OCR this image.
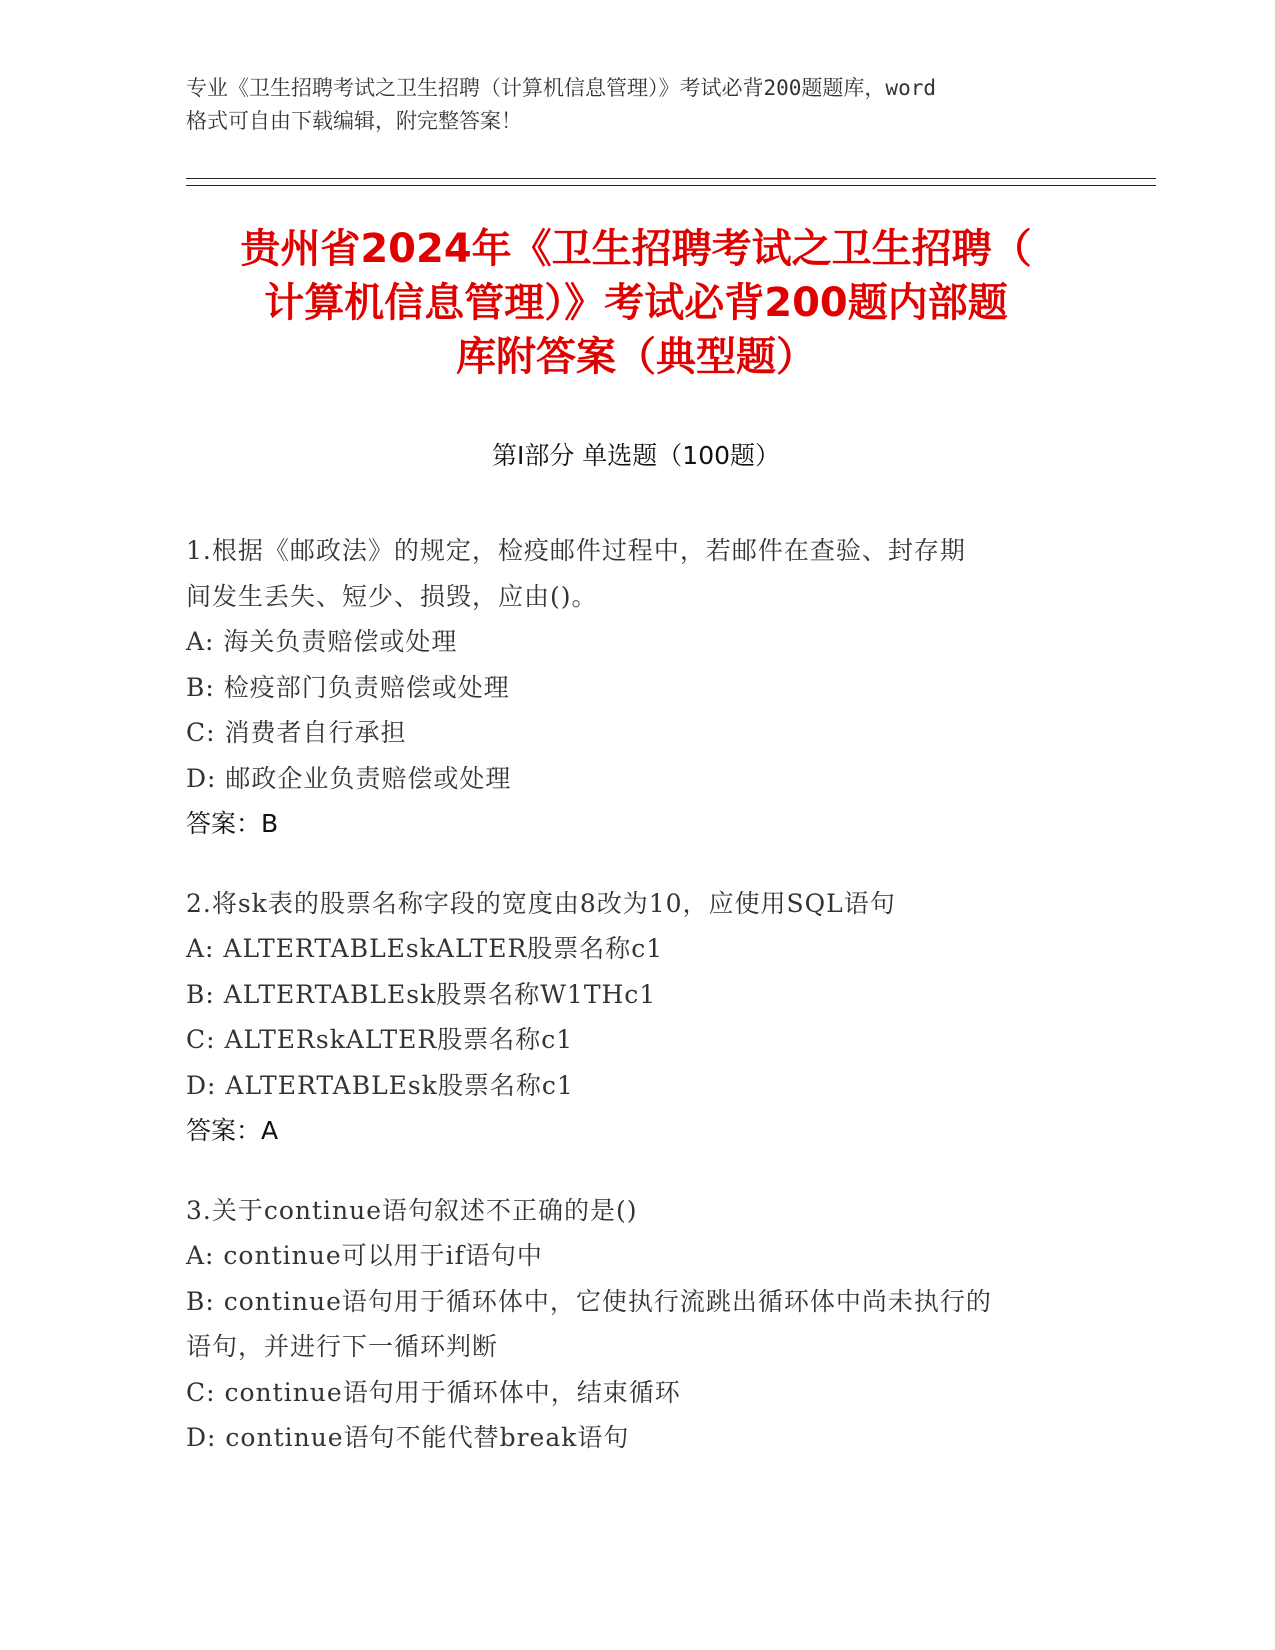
专业《卫生招聘考试之卫生招聘（计算机信息管理）》考试必背200题题库，word
格式可自由下载编辑，附完整答案！
贵州省2024年《卫生招聘考试之卫生招聘（
计算机信息管理）》考试必背200题内部题
库附答案（典型题）
第I部分 单选题（100题）
1.根据《邮政法》的规定，检疫邮件过程中，若邮件在查验、封存期
间发生丢失、短少、损毁，应由()。
A: 海关负责赔偿或处理
B: 检疫部门负责赔偿或处理
C: 消费者自行承担
D: 邮政企业负责赔偿或处理
答案：B
2.将sk表的股票名称字段的宽度由8改为10，应使用SQL语句
A: ALTERTABLEskALTER股票名称c1
B: ALTERTABLEsk股票名称W1THc1
C: ALTERskALTER股票名称c1
D: ALTERTABLEsk股票名称c1
答案：A
3.关于continue语句叙述不正确的是()
A: continue可以用于if语句中
B: continue语句用于循环体中，它使执行流跳出循环体中尚未执行的
语句，并进行下一循环判断
C: continue语句用于循环体中，结束循环
D: continue语句不能代替break语句
